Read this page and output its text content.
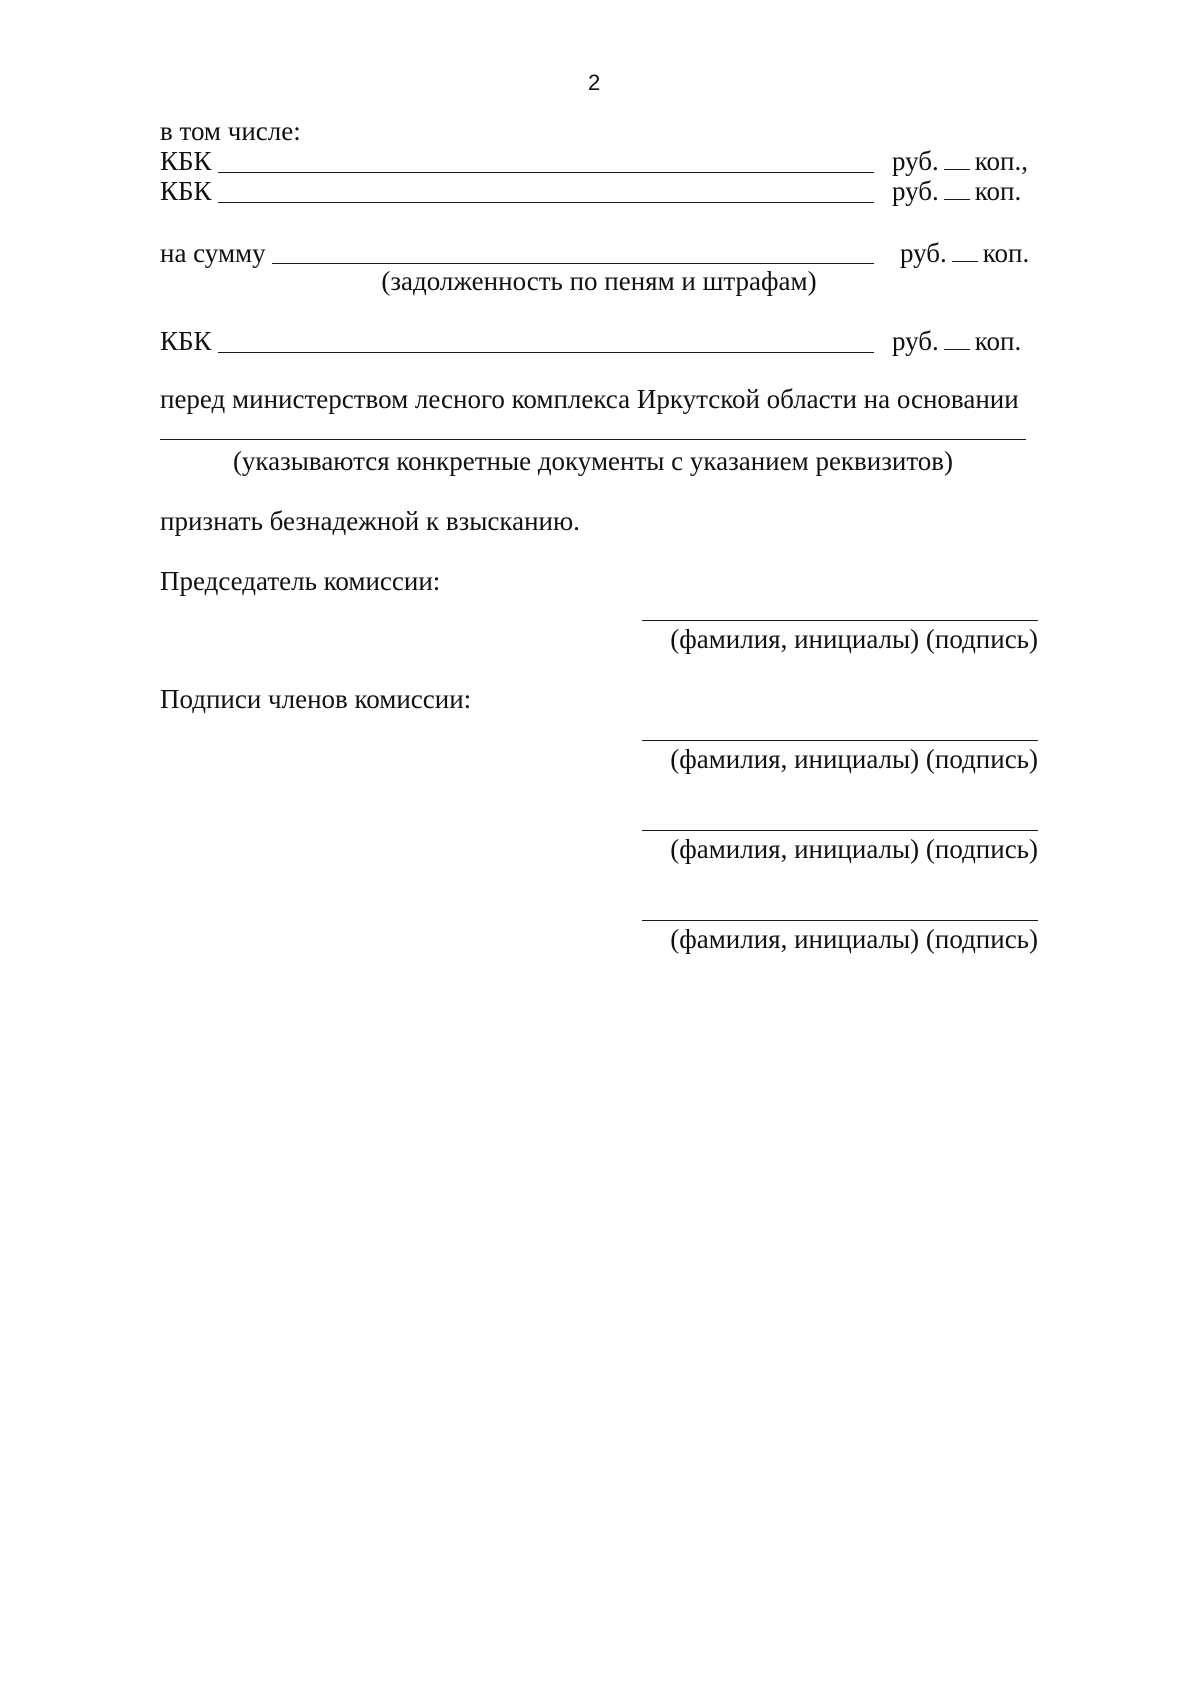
2
в том числе:
КБК	руб. коп.,
КБК	руб. коп.
на сумму	руб. коп.
(задолженность по пеням и штрафам)
КБК	руб. коп.
перед министерством лесного комплекса Иркутской области на основании
(указываются конкретные документы с указанием реквизитов)
признать безнадежной к взысканию.
Председатель комиссии:
(фамилия, инициалы) (подпись)
Подписи членов комиссии:
(фамилия, инициалы) (подпись)
(фамилия, инициалы) (подпись)
(фамилия, инициалы) (подпись)
